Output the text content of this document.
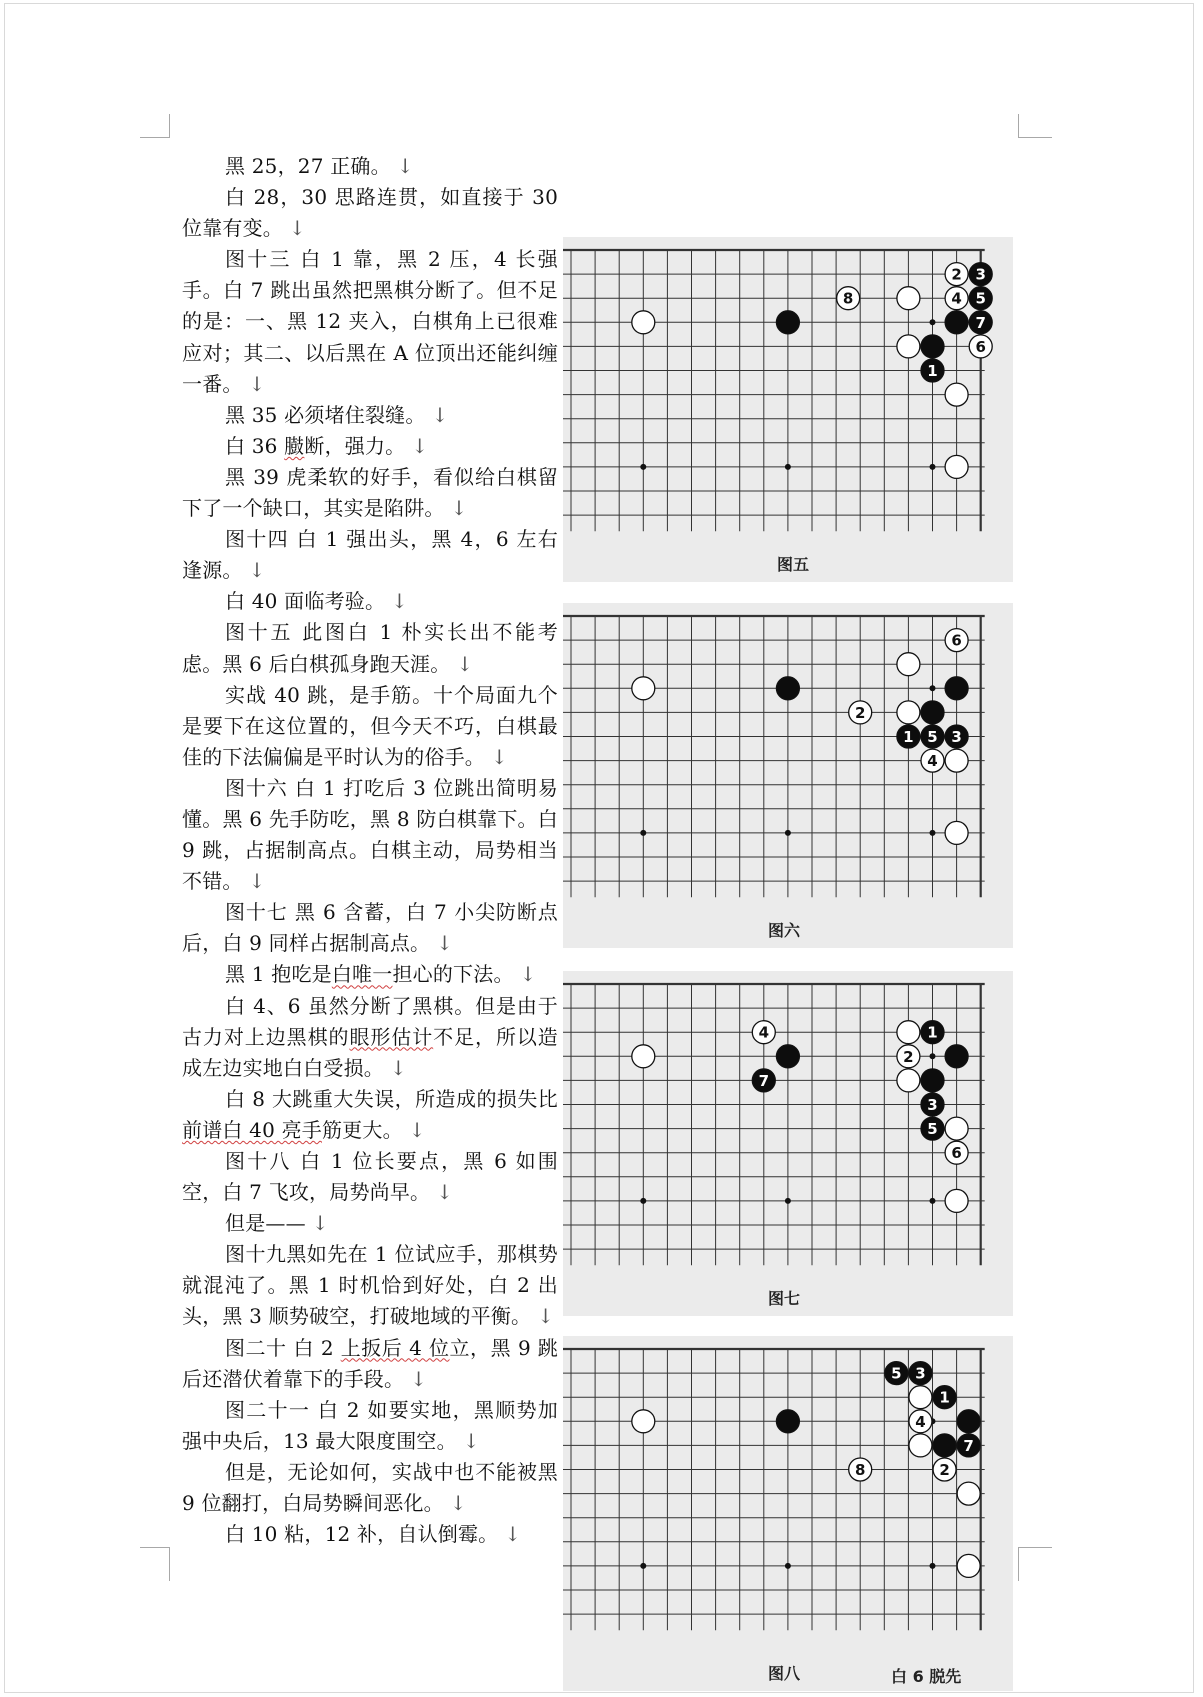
黑 25，27 正确。 ↓

白 28，30 思路连贯，如直接于 30 位靠有变。 ↓

图十三 白 1 靠，黑 2 压，4 长强手。白 7 跳出虽然把黑棋分断了。但不足的是：一、黑 12 夹入，白棋角上已很难应对；其二、以后黑在 A 位顶出还能纠缠一番。 ↓

黑 35 必须堵住裂缝。 ↓

白 36 臌断，强力。 ↓

黑 39 虎柔软的好手，看似给白棋留下了一个缺口，其实是陷阱。 ↓

图十四 白 1 强出头，黑 4，6 左右逢源。 ↓

白 40 面临考验。 ↓

图十五 此图白 1 朴实长出不能考虑。黑 6 后白棋孤身跑天涯。 ↓

实战 40 跳，是手筋。十个局面九个是要下在这位置的，但今天不巧，白棋最佳的下法偏偏是平时认为的俗手。 ↓

图十六 白 1 打吃后 3 位跳出简明易懂。黑 6 先手防吃，黑 8 防白棋靠下。白 9 跳，占据制高点。白棋主动，局势相当不错。 ↓

图十七 黑 6 含蓄，白 7 小尖防断点后，白 9 同样占据制高点。 ↓

黑 1 抱吃是白唯一担心的下法。 ↓

白 4、6 虽然分断了黑棋。但是由于古力对上边黑棋的眼形估计不足，所以造成左边实地白白受损。 ↓

白 8 大跳重大失误，所造成的损失比前谱白 40 亮手筋更大。 ↓

图十八 白 1 位长要点，黑 6 如围空，白 7 飞攻，局势尚早。 ↓

但是—— ↓

图十九黑如先在 1 位试应手，那棋势就混沌了。黑 1 时机恰到好处，白 2 出头，黑 3 顺势破空，打破地域的平衡。 ↓

图二十 白 2 上扳后 4 位立，黑 9 跳后还潜伏着靠下的手段。 ↓

图二十一 白 2 如要实地，黑顺势加强中央后，13 最大限度围空。 ↓

但是，无论如何，实战中也不能被黑 9 位翻打，白局势瞬间恶化。 ↓

白 10 粘，12 补，自认倒霉。 ↓

8
2 3
4 5
7
6
1
图五
6
2
1 5 3
4
图六
4	1
2
7
3
5
6
图七
5 3
1
4
7
8	2
图八	白 6 脱先
